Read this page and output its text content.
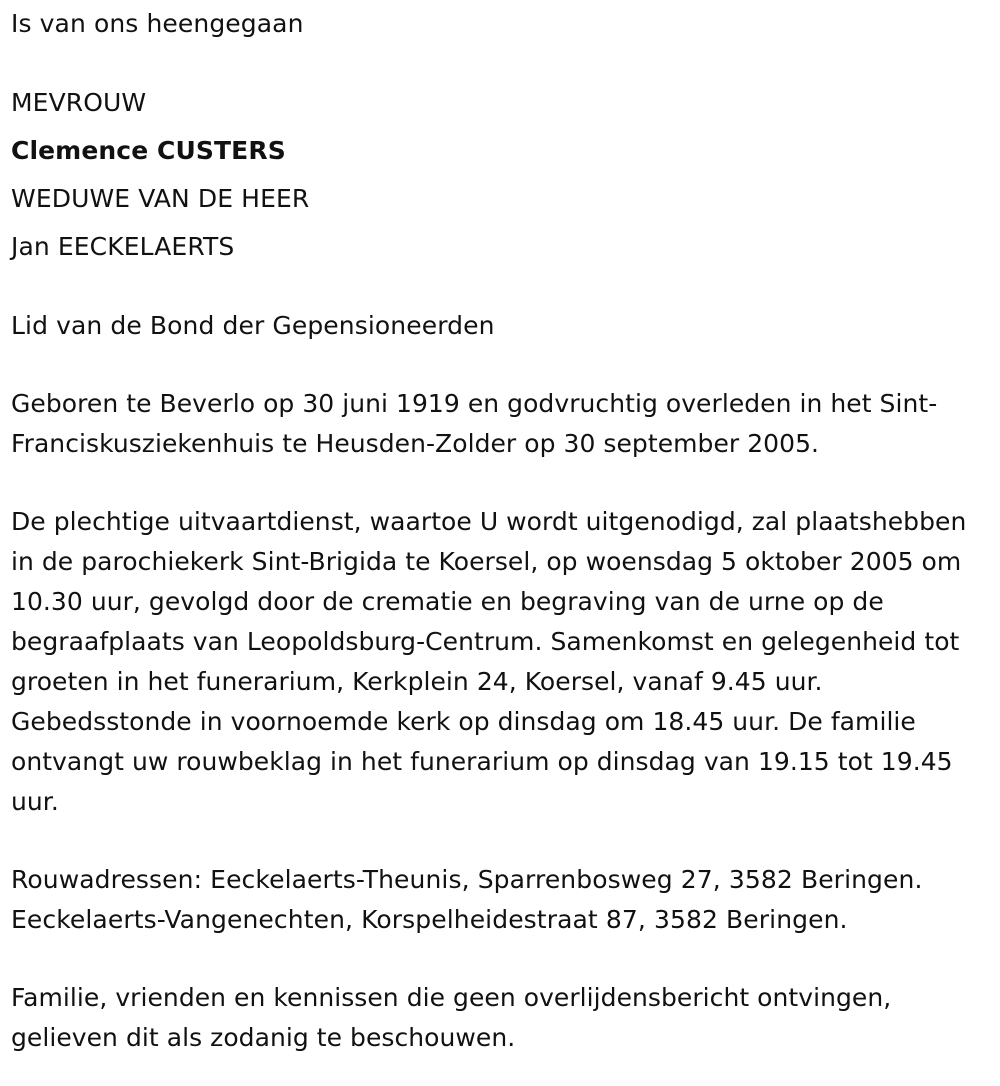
Is van ons heengegaan

MEVROUW

Clemence CUSTERS

WEDUWE VAN DE HEER

Jan EECKELAERTS

Lid van de Bond der Gepensioneerden

Geboren te Beverlo op 30 juni 1919 en godvruchtig overleden in het Sint-Franciskusziekenhuis te Heusden-Zolder op 30 september 2005.

De plechtige uitvaartdienst, waartoe U wordt uitgenodigd, zal plaatshebben in de parochiekerk Sint-Brigida te Koersel, op woensdag 5 oktober 2005 om 10.30 uur, gevolgd door de crematie en begraving van de urne op de begraafplaats van Leopoldsburg-Centrum. Samenkomst en gelegenheid tot groeten in het funerarium, Kerkplein 24, Koersel, vanaf 9.45 uur. Gebedsstonde in voornoemde kerk op dinsdag om 18.45 uur. De familie ontvangt uw rouwbeklag in het funerarium op dinsdag van 19.15 tot 19.45 uur.

Rouwadressen: Eeckelaerts-Theunis, Sparrenbosweg 27, 3582 Beringen.

Eeckelaerts-Vangenechten, Korspelheidestraat 87, 3582 Beringen.

Familie, vrienden en kennissen die geen overlijdensbericht ontvingen, gelieven dit als zodanig te beschouwen.
